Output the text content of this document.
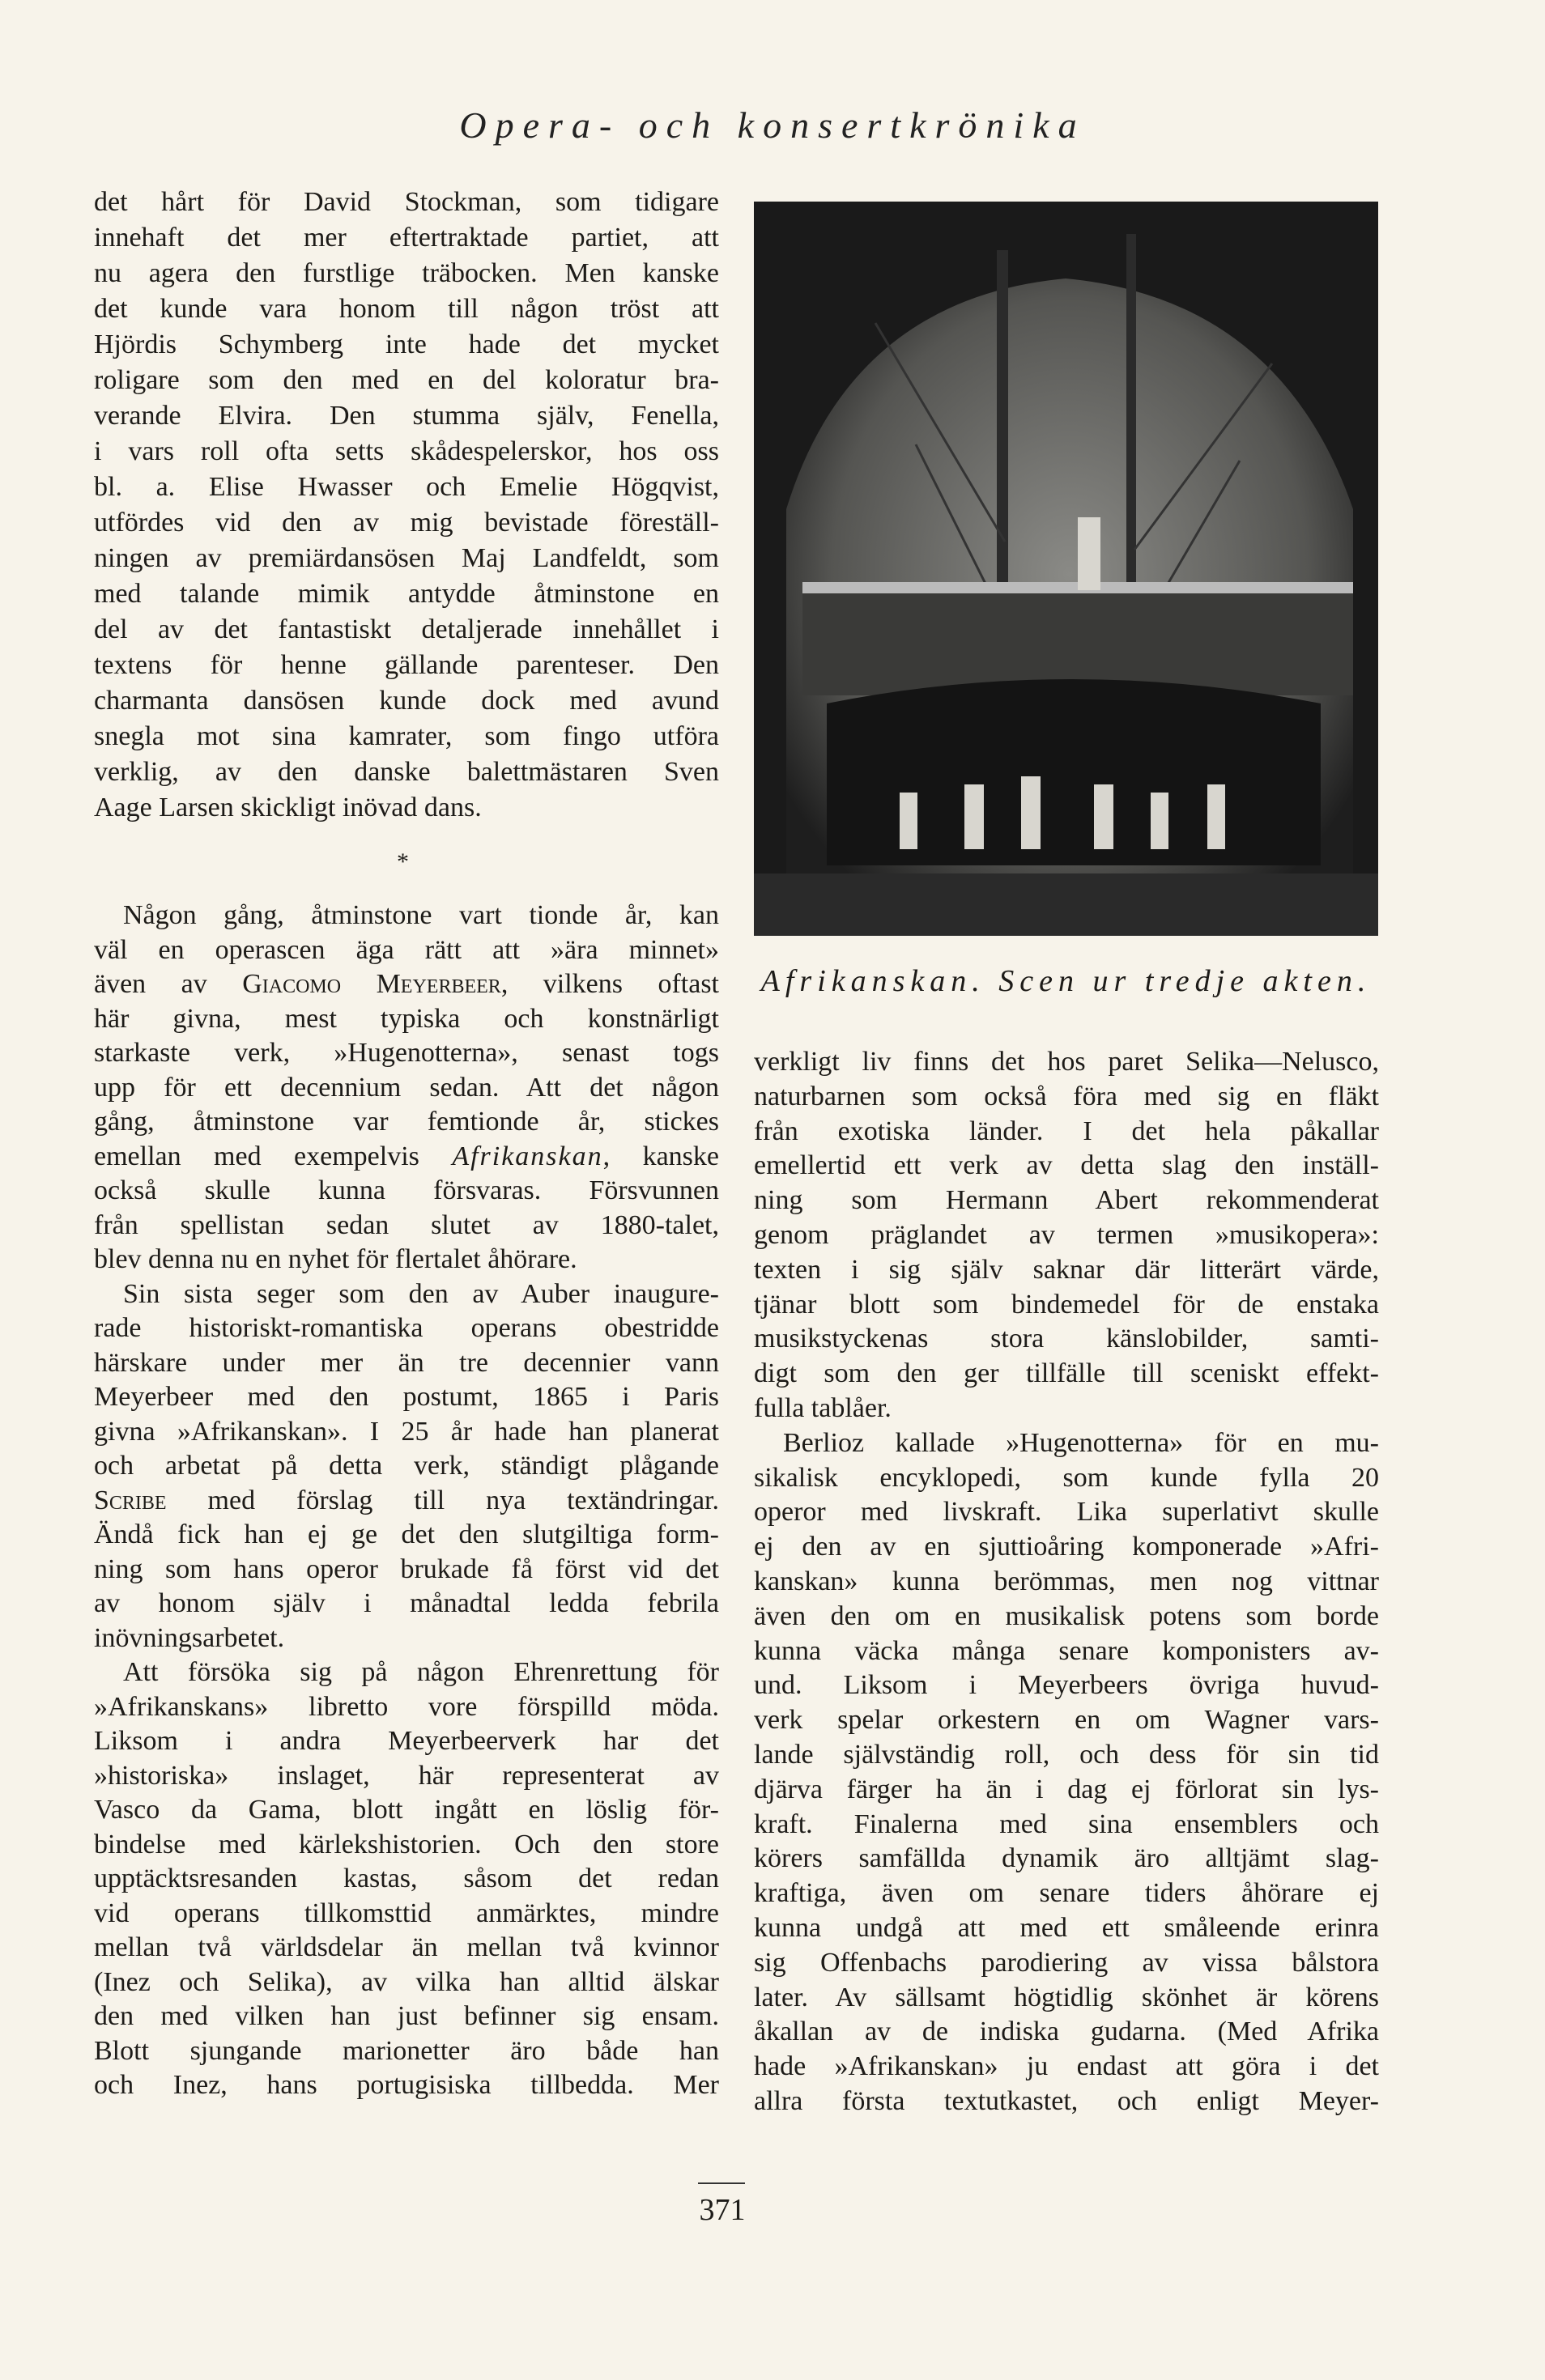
Opera- och konsertkrönika
det hårt för David Stockman, som tidigare
innehaft det mer eftertraktade partiet, att
nu agera den furstlige träbocken. Men kanske
det kunde vara honom till någon tröst att
Hjördis Schymberg inte hade det mycket
roligare som den med en del koloratur bra-
verande Elvira. Den stumma själv, Fenella,
i vars roll ofta setts skådespelerskor, hos oss
bl. a. Elise Hwasser och Emelie Högqvist,
utfördes vid den av mig bevistade föreställ-
ningen av premiärdansösen Maj Landfeldt, som
med talande mimik antydde åtminstone en
del av det fantastiskt detaljerade innehållet i
textens för henne gällande parenteser. Den
charmanta dansösen kunde dock med avund
snegla mot sina kamrater, som fingo utföra
verklig, av den danske balettmästaren Sven
Aage Larsen skickligt inövad dans.
*
Någon gång, åtminstone vart tionde år, kan
väl en operascen äga rätt att »ära minnet»
även av Giacomo Meyerbeer, vilkens oftast
här givna, mest typiska och konstnärligt
starkaste verk, »Hugenotterna», senast togs
upp för ett decennium sedan. Att det någon
gång, åtminstone var femtionde år, stickes
emellan med exempelvis Afrikanskan, kanske
också skulle kunna försvaras. Försvunnen
från spellistan sedan slutet av 1880-talet,
blev denna nu en nyhet för flertalet åhörare.
Sin sista seger som den av Auber inaugure-
rade historiskt-romantiska operans obestridde
härskare under mer än tre decennier vann
Meyerbeer med den postumt, 1865 i Paris
givna »Afrikanskan». I 25 år hade han planerat
och arbetat på detta verk, ständigt plågande
Scribe med förslag till nya textändringar.
Ändå fick han ej ge det den slutgiltiga form-
ning som hans operor brukade få först vid det
av honom själv i månadtal ledda febrila
inövningsarbetet.
Att försöka sig på någon Ehrenrettung för
»Afrikanskans» libretto vore förspilld möda.
Liksom i andra Meyerbeerverk har det
»historiska» inslaget, här representerat av
Vasco da Gama, blott ingått en löslig för-
bindelse med kärlekshistorien. Och den store
upptäcktsresanden kastas, såsom det redan
vid operans tillkomsttid anmärktes, mindre
mellan två världsdelar än mellan två kvinnor
(Inez och Selika), av vilka han alltid älskar
den med vilken han just befinner sig ensam.
Blott sjungande marionetter äro både han
och Inez, hans portugisiska tillbedda. Mer
Afrikanskan. Scen ur tredje akten.
verkligt liv finns det hos paret Selika—Nelusco,
naturbarnen som också föra med sig en fläkt
från exotiska länder. I det hela påkallar
emellertid ett verk av detta slag den inställ-
ning som Hermann Abert rekommenderat
genom präglandet av termen »musikopera»:
texten i sig själv saknar där litterärt värde,
tjänar blott som bindemedel för de enstaka
musikstyckenas stora känslobilder, samti-
digt som den ger tillfälle till sceniskt effekt-
fulla tablåer.
Berlioz kallade »Hugenotterna» för en mu-
sikalisk encyklopedi, som kunde fylla 20
operor med livskraft. Lika superlativt skulle
ej den av en sjuttioåring komponerade »Afri-
kanskan» kunna berömmas, men nog vittnar
även den om en musikalisk potens som borde
kunna väcka många senare komponisters av-
und. Liksom i Meyerbeers övriga huvud-
verk spelar orkestern en om Wagner vars-
lande självständig roll, och dess för sin tid
djärva färger ha än i dag ej förlorat sin lys-
kraft. Finalerna med sina ensemblers och
körers samfällda dynamik äro alltjämt slag-
kraftiga, även om senare tiders åhörare ej
kunna undgå att med ett småleende erinra
sig Offenbachs parodiering av vissa bålstora
later. Av sällsamt högtidlig skönhet är körens
åkallan av de indiska gudarna. (Med Afrika
hade »Afrikanskan» ju endast att göra i det
allra första textutkastet, och enligt Meyer-
371
